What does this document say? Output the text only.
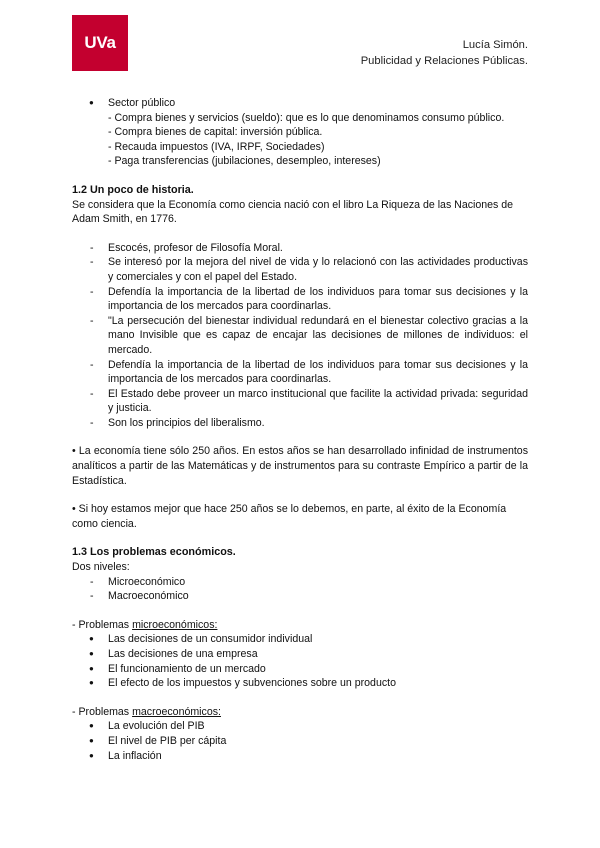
UVa	Lucía Simón.
Publicidad y Relaciones Públicas.
● Sector público
- Compra bienes y servicios (sueldo): que es lo que denominamos consumo público.
- Compra bienes de capital: inversión pública.
- Recauda impuestos (IVA, IRPF, Sociedades)
- Paga transferencias (jubilaciones, desempleo, intereses)
1.2 Un poco de historia.

Se considera que la Economía como ciencia nació con el libro La Riqueza de las Naciones de Adam Smith, en 1776.

- Escocés, profesor de Filosofía Moral.
- Se interesó por la mejora del nivel de vida y lo relacionó con las actividades productivas y comerciales y con el papel del Estado.
- Defendía la importancia de la libertad de los individuos para tomar sus decisiones y la importancia de los mercados para coordinarlas.
- "La persecución del bienestar individual redundará en el bienestar colectivo gracias a la mano Invisible que es capaz de encajar las decisiones de millones de individuos: el mercado.
- Defendía la importancia de la libertad de los individuos para tomar sus decisiones y la importancia de los mercados para coordinarlas.
- El Estado debe proveer un marco institucional que facilite la actividad privada: seguridad y justicia.
- Son los principios del liberalismo.

• La economía tiene sólo 250 años. En estos años se han desarrollado infinidad de instrumentos analíticos a partir de las Matemáticas y de instrumentos para su contraste Empírico a partir de la Estadística.

• Si hoy estamos mejor que hace 250 años se lo debemos, en parte, al éxito de la Economía como ciencia.

1.3 Los problemas económicos.

Dos niveles:

- Microeconómico
- Macroeconómico

- Problemas microeconómicos:

● Las decisiones de un consumidor individual
● Las decisiones de una empresa
● El funcionamiento de un mercado
● El efecto de los impuestos y subvenciones sobre un producto

- Problemas macroeconómicos:

● La evolución del PIB
● El nivel de PIB per cápita
● La inflación
